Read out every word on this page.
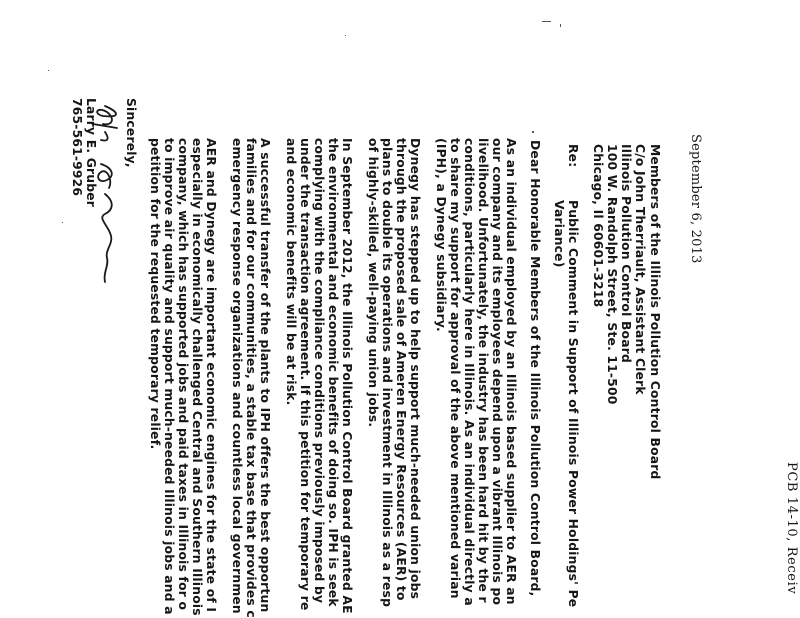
PCB 14-10, Receiv
September 6, 2013
Members of the Illinois Pollution Control Board
C/o John Therriault, Assistant Clerk
Illinois Pollution Control Board
100 W. Randolph Street, Ste. 11-500
Chicago, Il 60601-3218
Re:
Public Comment in Support of Illinois Power Holdings' Pe
Variance)
Dear Honorable Members of the Illinois Pollution Control Board,
As an individual employed by an Illinois based supplier to AER an
our company and its employees depend upon a vibrant Illinois po
livelihood. Unfortunately, the industry has been hard hit by the r
conditions, particularly here in Illinois. As an individual directly a
to share my support for approval of the above mentioned varian
(IPH), a Dynegy subsidiary.
Dynegy has stepped up to help support much-needed union jobs
through the proposed sale of Ameren Energy Resources (AER) to
plans to double its operations and investment in Illinois as a resp
of highly-skilled, well-paying union jobs.
In September 2012, the Illinois Pollution Control Board granted AE
the environmental and economic benefits of doing so. IPH is seek
complying with the compliance conditions previously imposed by
under the transaction agreement. If this petition for temporary re
and economic benefits will be at risk.
A successful transfer of the plants to IPH offers the best opportun
families and for our communities, a stable tax base that provides c
emergency response organizations and countless local governmen
AER and Dynegy are important economic engines for the state of I
especially in economically challenged Central and Southern Illinois
company, which has supported jobs and paid taxes in Illinois for o
to improve air quality and support much-needed Illinois jobs and a
petition for the requested temporary relief.
Sincerely,
Larry E. Gruber
765-561-9926
